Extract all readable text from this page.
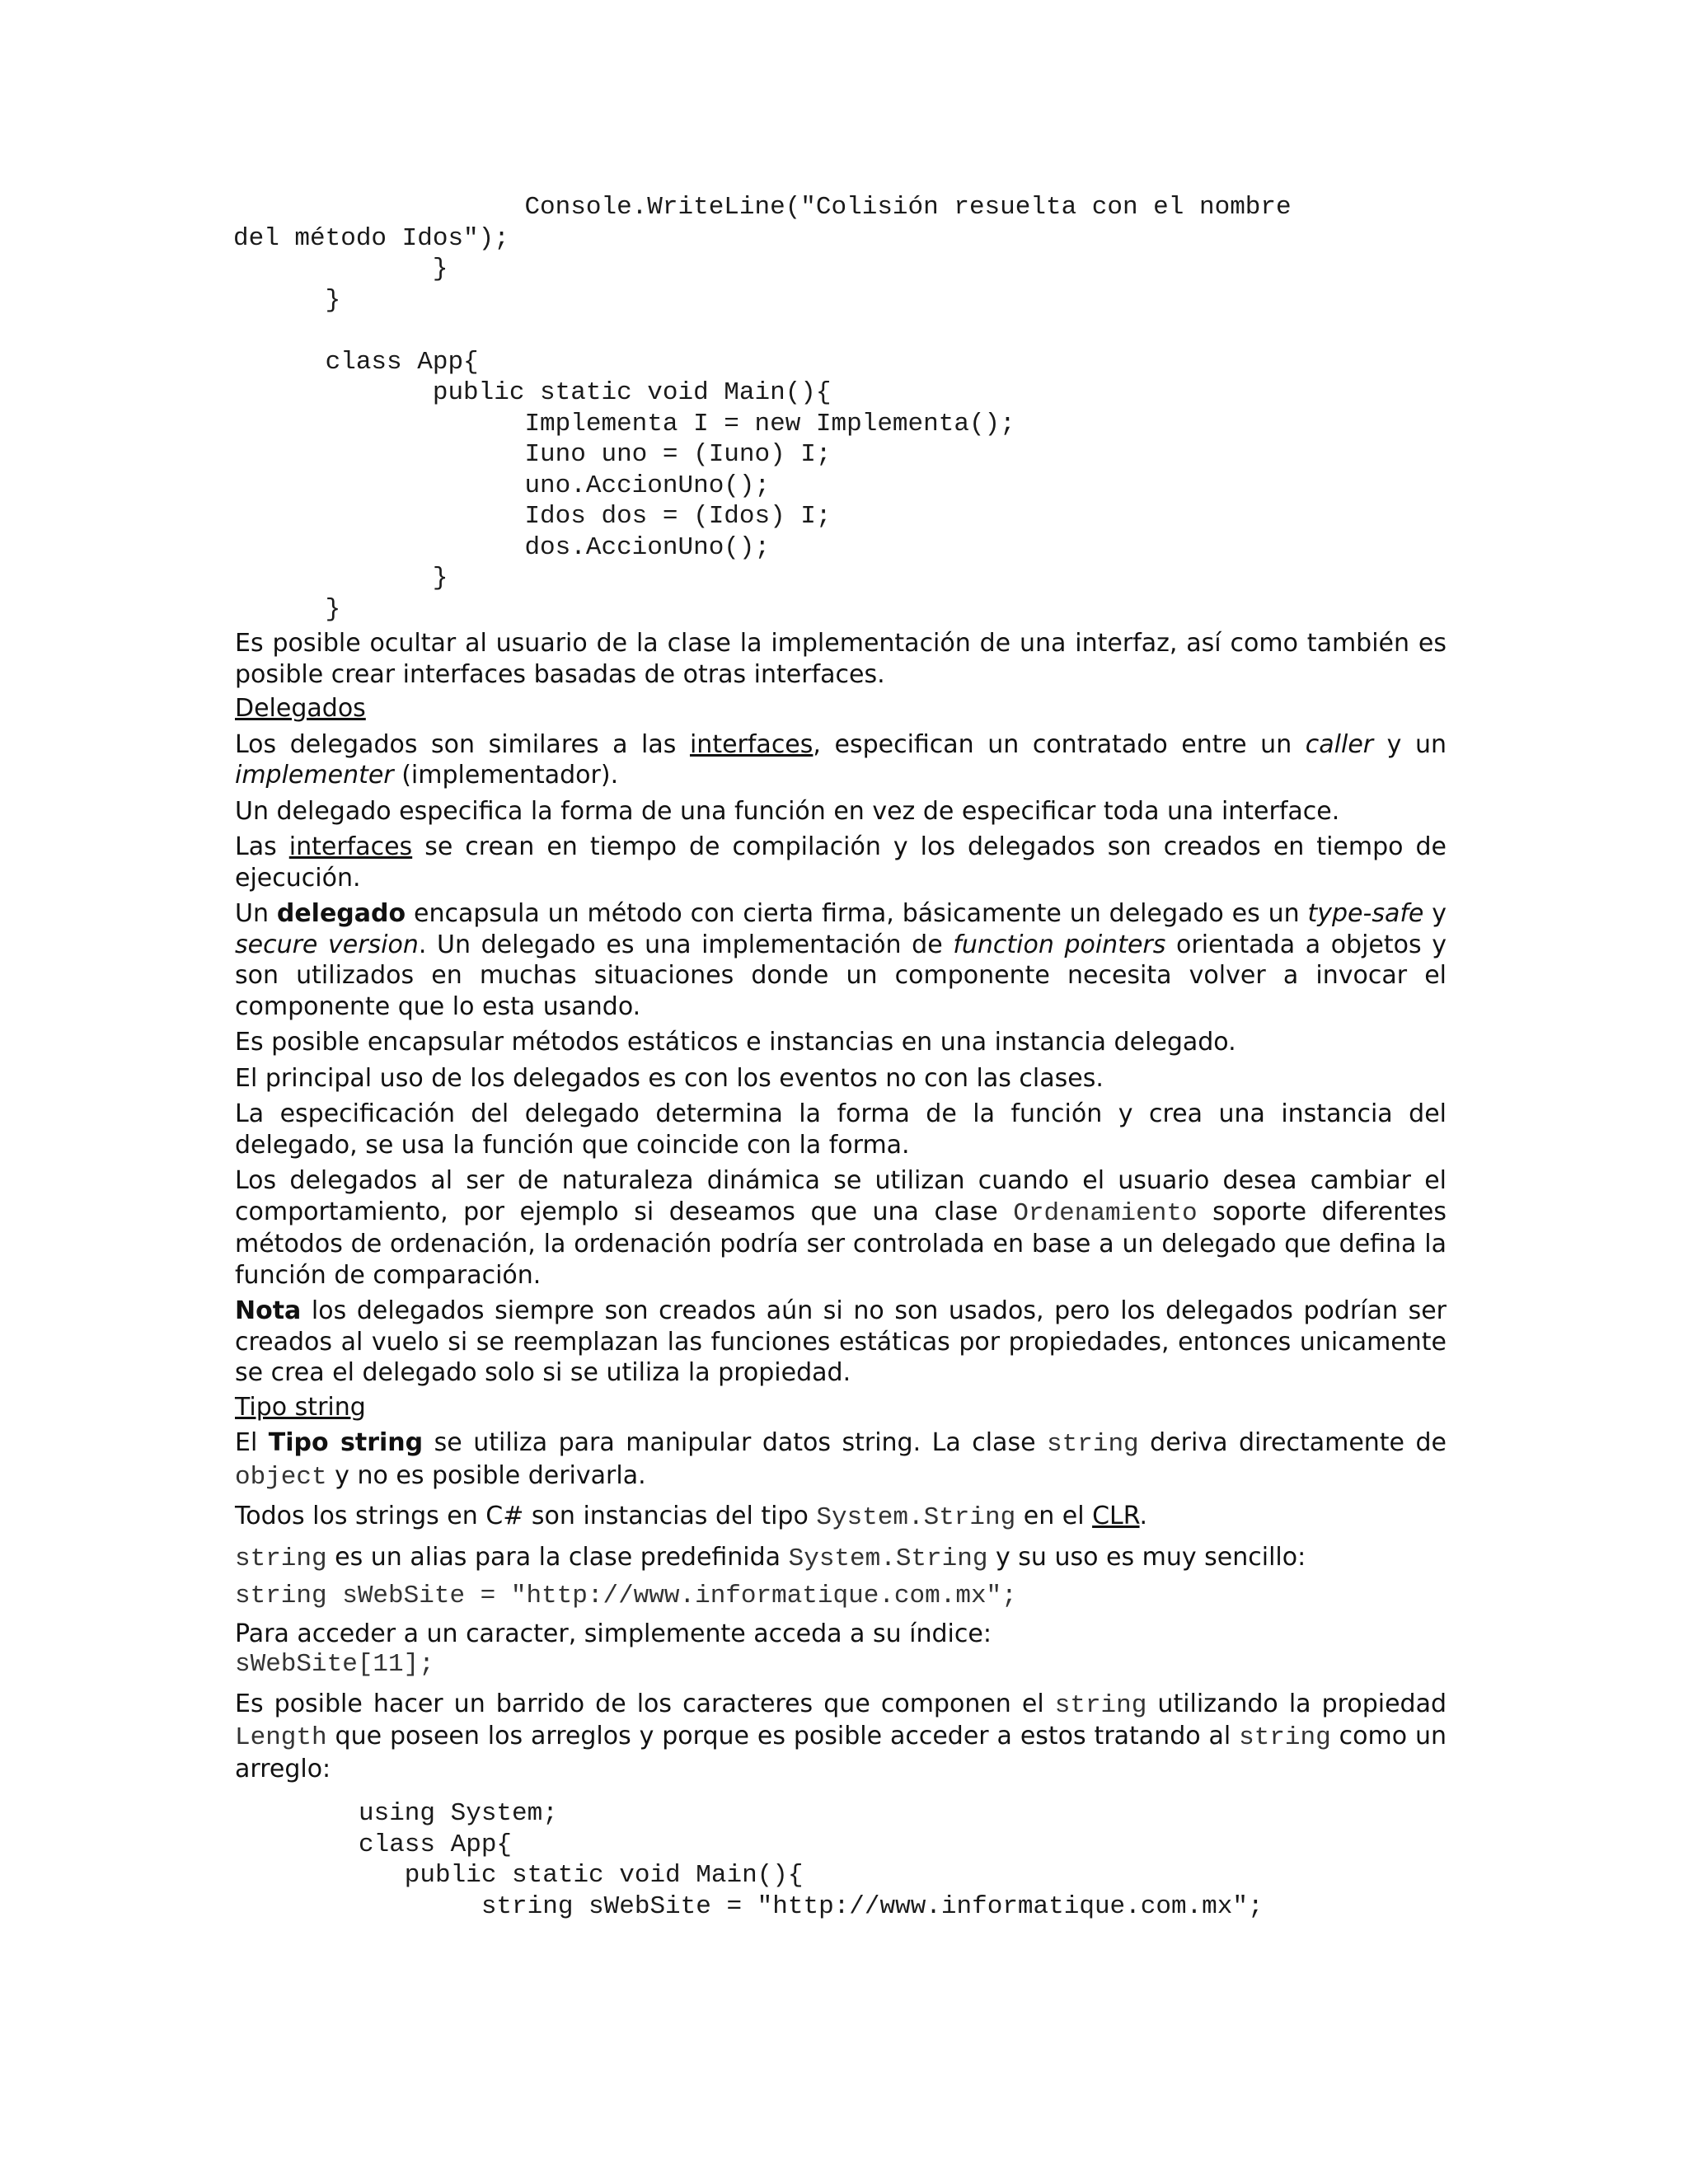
Console.WriteLine("Colisión resuelta con el nombre
del método Idos");
}
}

class App{
public static void Main(){
Implementa I = new Implementa();
Iuno uno = (Iuno) I;
uno.AccionUno();
Idos dos = (Idos) I;
dos.AccionUno();
}
}

Es posible ocultar al usuario de la clase la implementación de una interfaz, así como también es posible crear interfaces basadas de otras interfaces.

Delegados

Los delegados son similares a las interfaces, especifican un contratado entre un caller y un implementer (implementador).

Un delegado especifica la forma de una función en vez de especificar toda una interface.

Las interfaces se crean en tiempo de compilación y los delegados son creados en tiempo de ejecución.

Un delegado encapsula un método con cierta firma, básicamente un delegado es un type-safe y secure version. Un delegado es una implementación de function pointers orientada a objetos y son utilizados en muchas situaciones donde un componente necesita volver a invocar el componente que lo esta usando.

Es posible encapsular métodos estáticos e instancias en una instancia delegado.

El principal uso de los delegados es con los eventos no con las clases.

La especificación del delegado determina la forma de la función y crea una instancia del delegado, se usa la función que coincide con la forma.

Los delegados al ser de naturaleza dinámica se utilizan cuando el usuario desea cambiar el comportamiento, por ejemplo si deseamos que una clase Ordenamiento soporte diferentes métodos de ordenación, la ordenación podría ser controlada en base a un delegado que defina la función de comparación.

Nota los delegados siempre son creados aún si no son usados, pero los delegados podrían ser creados al vuelo si se reemplazan las funciones estáticas por propiedades, entonces unicamente se crea el delegado solo si se utiliza la propiedad.

Tipo string

El Tipo string se utiliza para manipular datos string. La clase string deriva directamente de object y no es posible derivarla.

Todos los strings en C# son instancias del tipo System.String en el CLR.

string es un alias para la clase predefinida System.String y su uso es muy sencillo:

string sWebSite = "http://www.informatique.com.mx";

Para acceder a un caracter, simplemente acceda a su índice:

sWebSite[11];

Es posible hacer un barrido de los caracteres que componen el string utilizando la propiedad Length que poseen los arreglos y porque es posible acceder a estos tratando al string como un arreglo:

using System;
class App{
public static void Main(){
string sWebSite = "http://www.informatique.com.mx";
